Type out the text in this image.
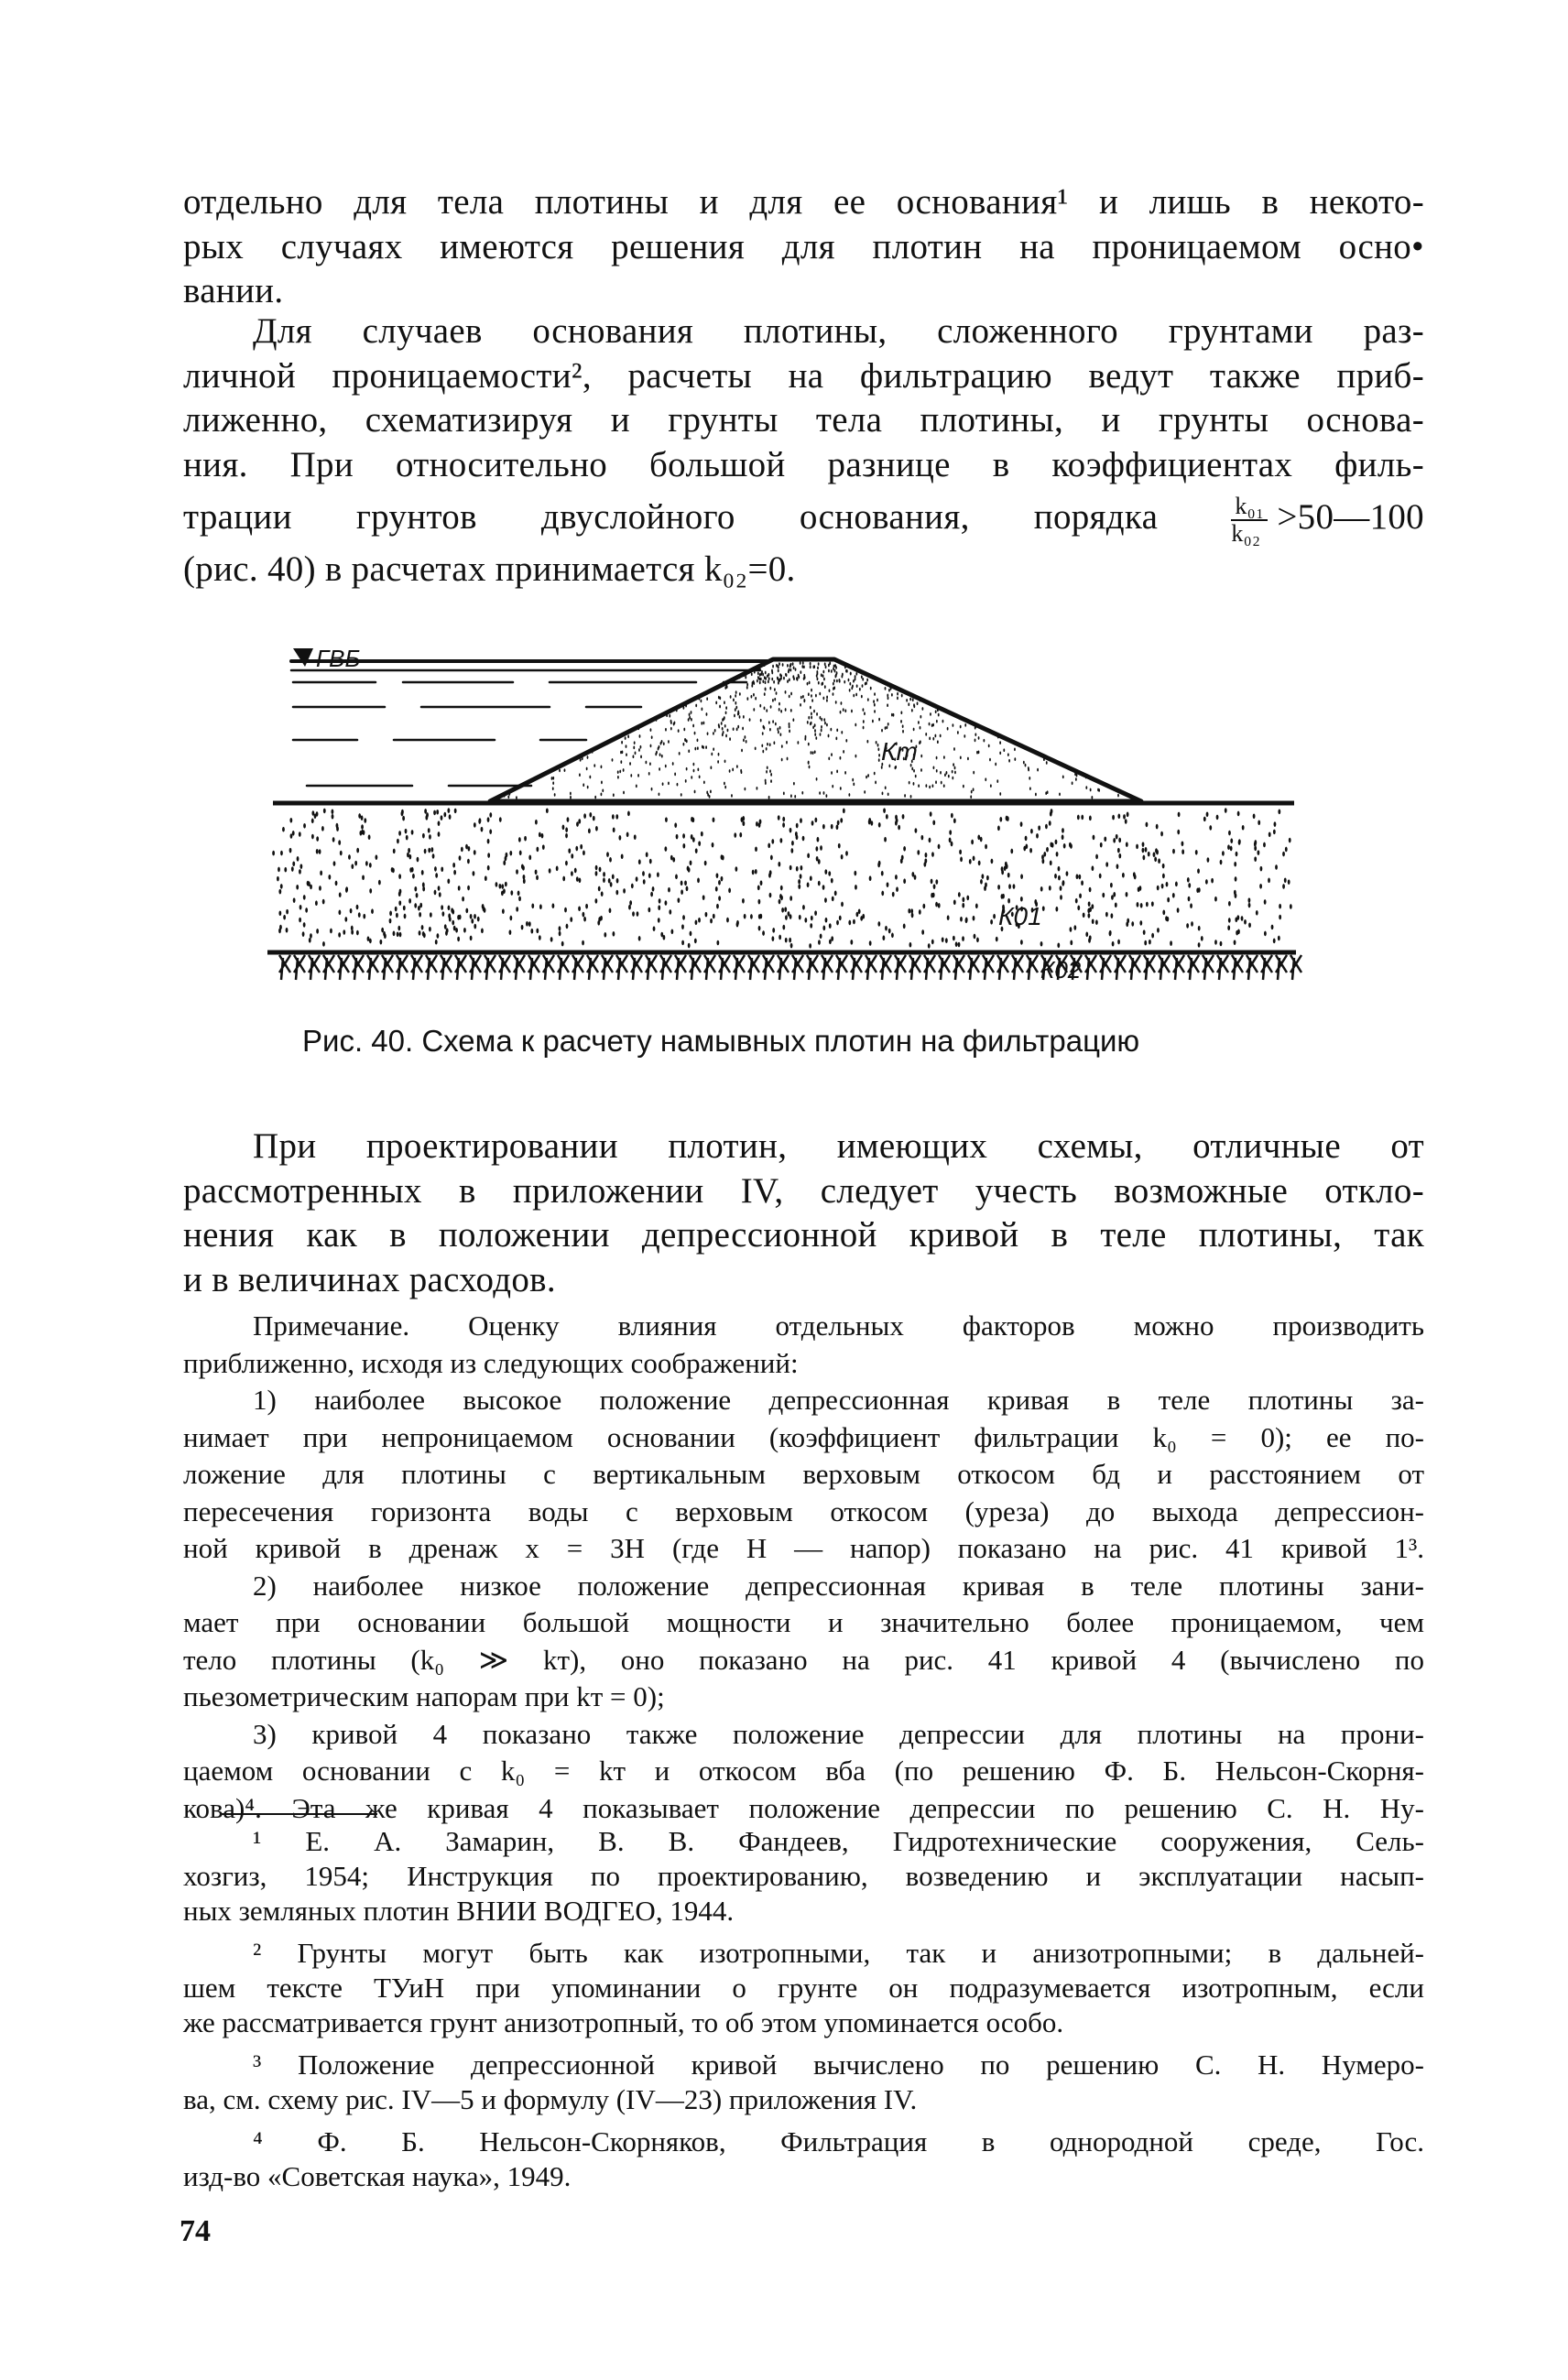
отдельно для тела плотины и для ее основания¹ и лишь в некото-
рых случаях имеются решения для плотин на проницаемом осно•
вании.
Для случаев основания плотины, сложенного грунтами раз-
личной проницаемости², расчеты на фильтрацию ведут также приб-
лиженно, схематизируя и грунты тела плотины, и грунты основа-
ния. При относительно большой разнице в коэффициентах филь-
трации грунтов двуслойного основания, порядка	$\frac{\text{k₀₁}}{\text{k₀₂}}$ >50—100
(рис. 40) в расчетах принимается k₀₂=0.
ГВБ
Кт
К01
К02
Рис. 40. Схема к расчету намывных плотин на фильтрацию
При проектировании плотин, имеющих схемы, отличные от
рассмотренных в приложении IV, следует учесть возможные откло-
нения как в положении депрессионной кривой в теле плотины, так
и в величинах расходов.
Примечание. Оценку влияния отдельных факторов можно производить
приближенно, исходя из следующих соображений:
1) наиболее высокое положение депрессионная кривая в теле плотины за-
нимает при непроницаемом основании (коэффициент фильтрации k₀ = 0); ее по-
ложение для плотины с вертикальным верховым откосом бд и расстоянием от
пересечения горизонта воды с верховым откосом (уреза) до выхода депрессион-
ной кривой в дренаж x = 3H (где H — напор) показано на рис. 41 кривой 1³.
2) наиболее низкое положение депрессионная кривая в теле плотины зани-
мает при основании большой мощности и значительно более проницаемом, чем
тело плотины (k₀ ≫ kт), оно показано на рис. 41 кривой 4 (вычислено по
пьезометрическим напорам при kт = 0);
3) кривой 4 показано также положение депрессии для плотины на прони-
цаемом основании с k₀ = kт и откосом вба (по решению Ф. Б. Нельсон-Скорня-
кова)⁴. Эта же кривая 4 показывает положение депрессии по решению С. Н. Ну-
¹ Е. А. Замарин, В. В. Фандеев, Гидротехнические сооружения, Сель-
хозгиз, 1954; Инструкция по проектированию, возведению и эксплуатации насып-
ных земляных плотин ВНИИ ВОДГЕО, 1944.
² Грунты могут быть как изотропными, так и анизотропными; в дальней-
шем тексте ТУиН при упоминании о грунте он подразумевается изотропным, если
же рассматривается грунт анизотропный, то об этом упоминается особо.
³ Положение депрессионной кривой вычислено по решению С. Н. Нумеро-
ва, см. схему рис. IV—5 и формулу (IV—23) приложения IV.
⁴ Ф. Б. Нельсон-Скорняков, Фильтрация в однородной среде, Гос.
изд-во «Советская наука», 1949.
74
